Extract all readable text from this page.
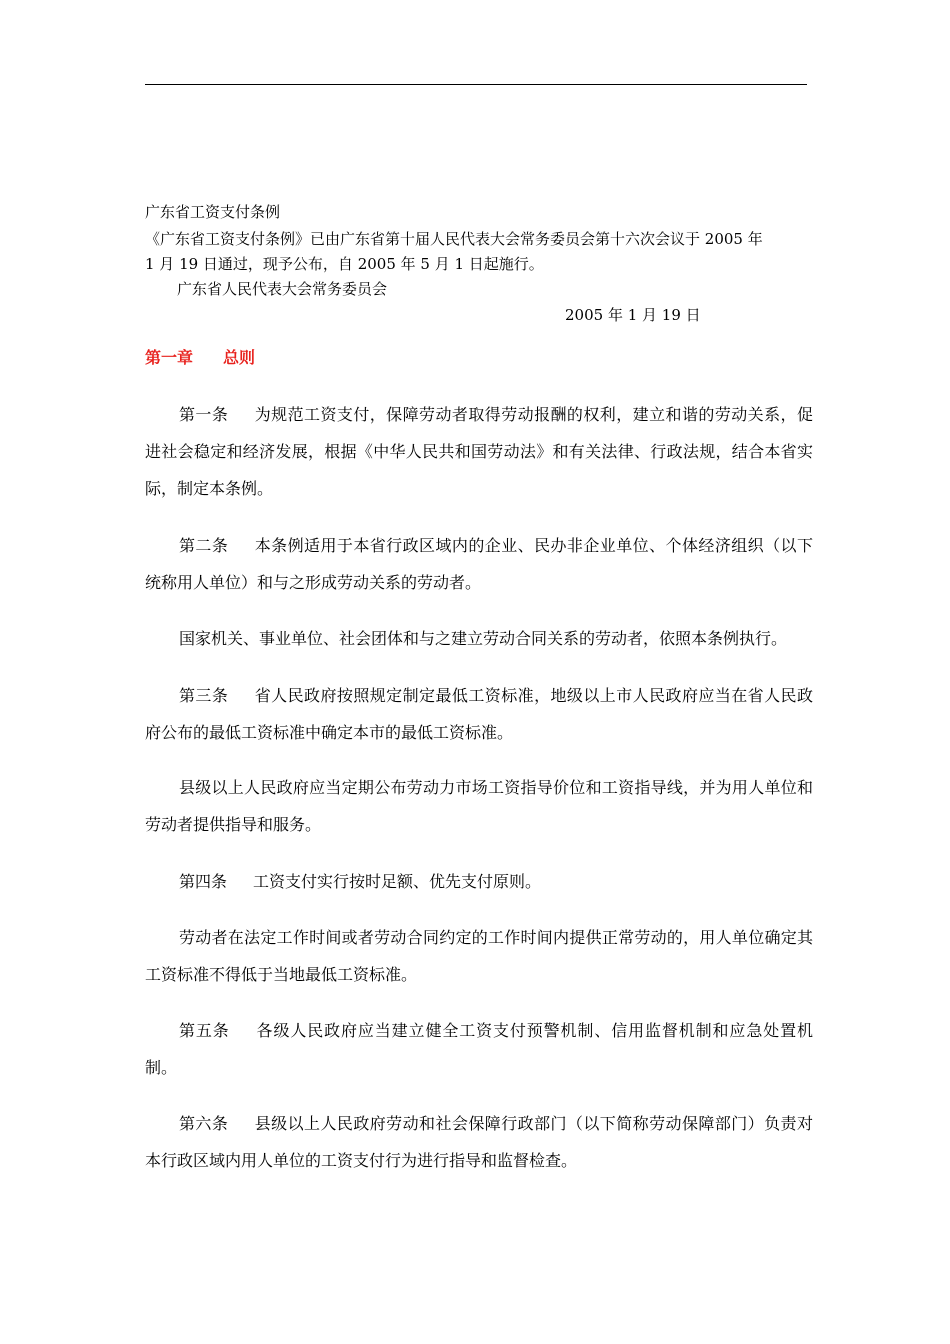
广东省工资支付条例
《广东省工资支付条例》已由广东省第十届人民代表大会常务委员会第十六次会议于 2005 年
1 月 19 日通过，现予公布，自 2005 年 5 月 1 日起施行。
广东省人民代表大会常务委员会
2005 年 1 月 19 日
第一章 总则
第一条 为规范工资支付，保障劳动者取得劳动报酬的权利，建立和谐的劳动关系，促进社会稳定和经济发展，根据《中华人民共和国劳动法》和有关法律、行政法规，结合本省实际，制定本条例。
第二条 本条例适用于本省行政区域内的企业、民办非企业单位、个体经济组织（以下统称用人单位）和与之形成劳动关系的劳动者。
国家机关、事业单位、社会团体和与之建立劳动合同关系的劳动者，依照本条例执行。
第三条 省人民政府按照规定制定最低工资标准，地级以上市人民政府应当在省人民政府公布的最低工资标准中确定本市的最低工资标准。
县级以上人民政府应当定期公布劳动力市场工资指导价位和工资指导线，并为用人单位和劳动者提供指导和服务。
第四条 工资支付实行按时足额、优先支付原则。
劳动者在法定工作时间或者劳动合同约定的工作时间内提供正常劳动的，用人单位确定其工资标准不得低于当地最低工资标准。
第五条 各级人民政府应当建立健全工资支付预警机制、信用监督机制和应急处置机制。
第六条 县级以上人民政府劳动和社会保障行政部门（以下简称劳动保障部门）负责对本行政区域内用人单位的工资支付行为进行指导和监督检查。
